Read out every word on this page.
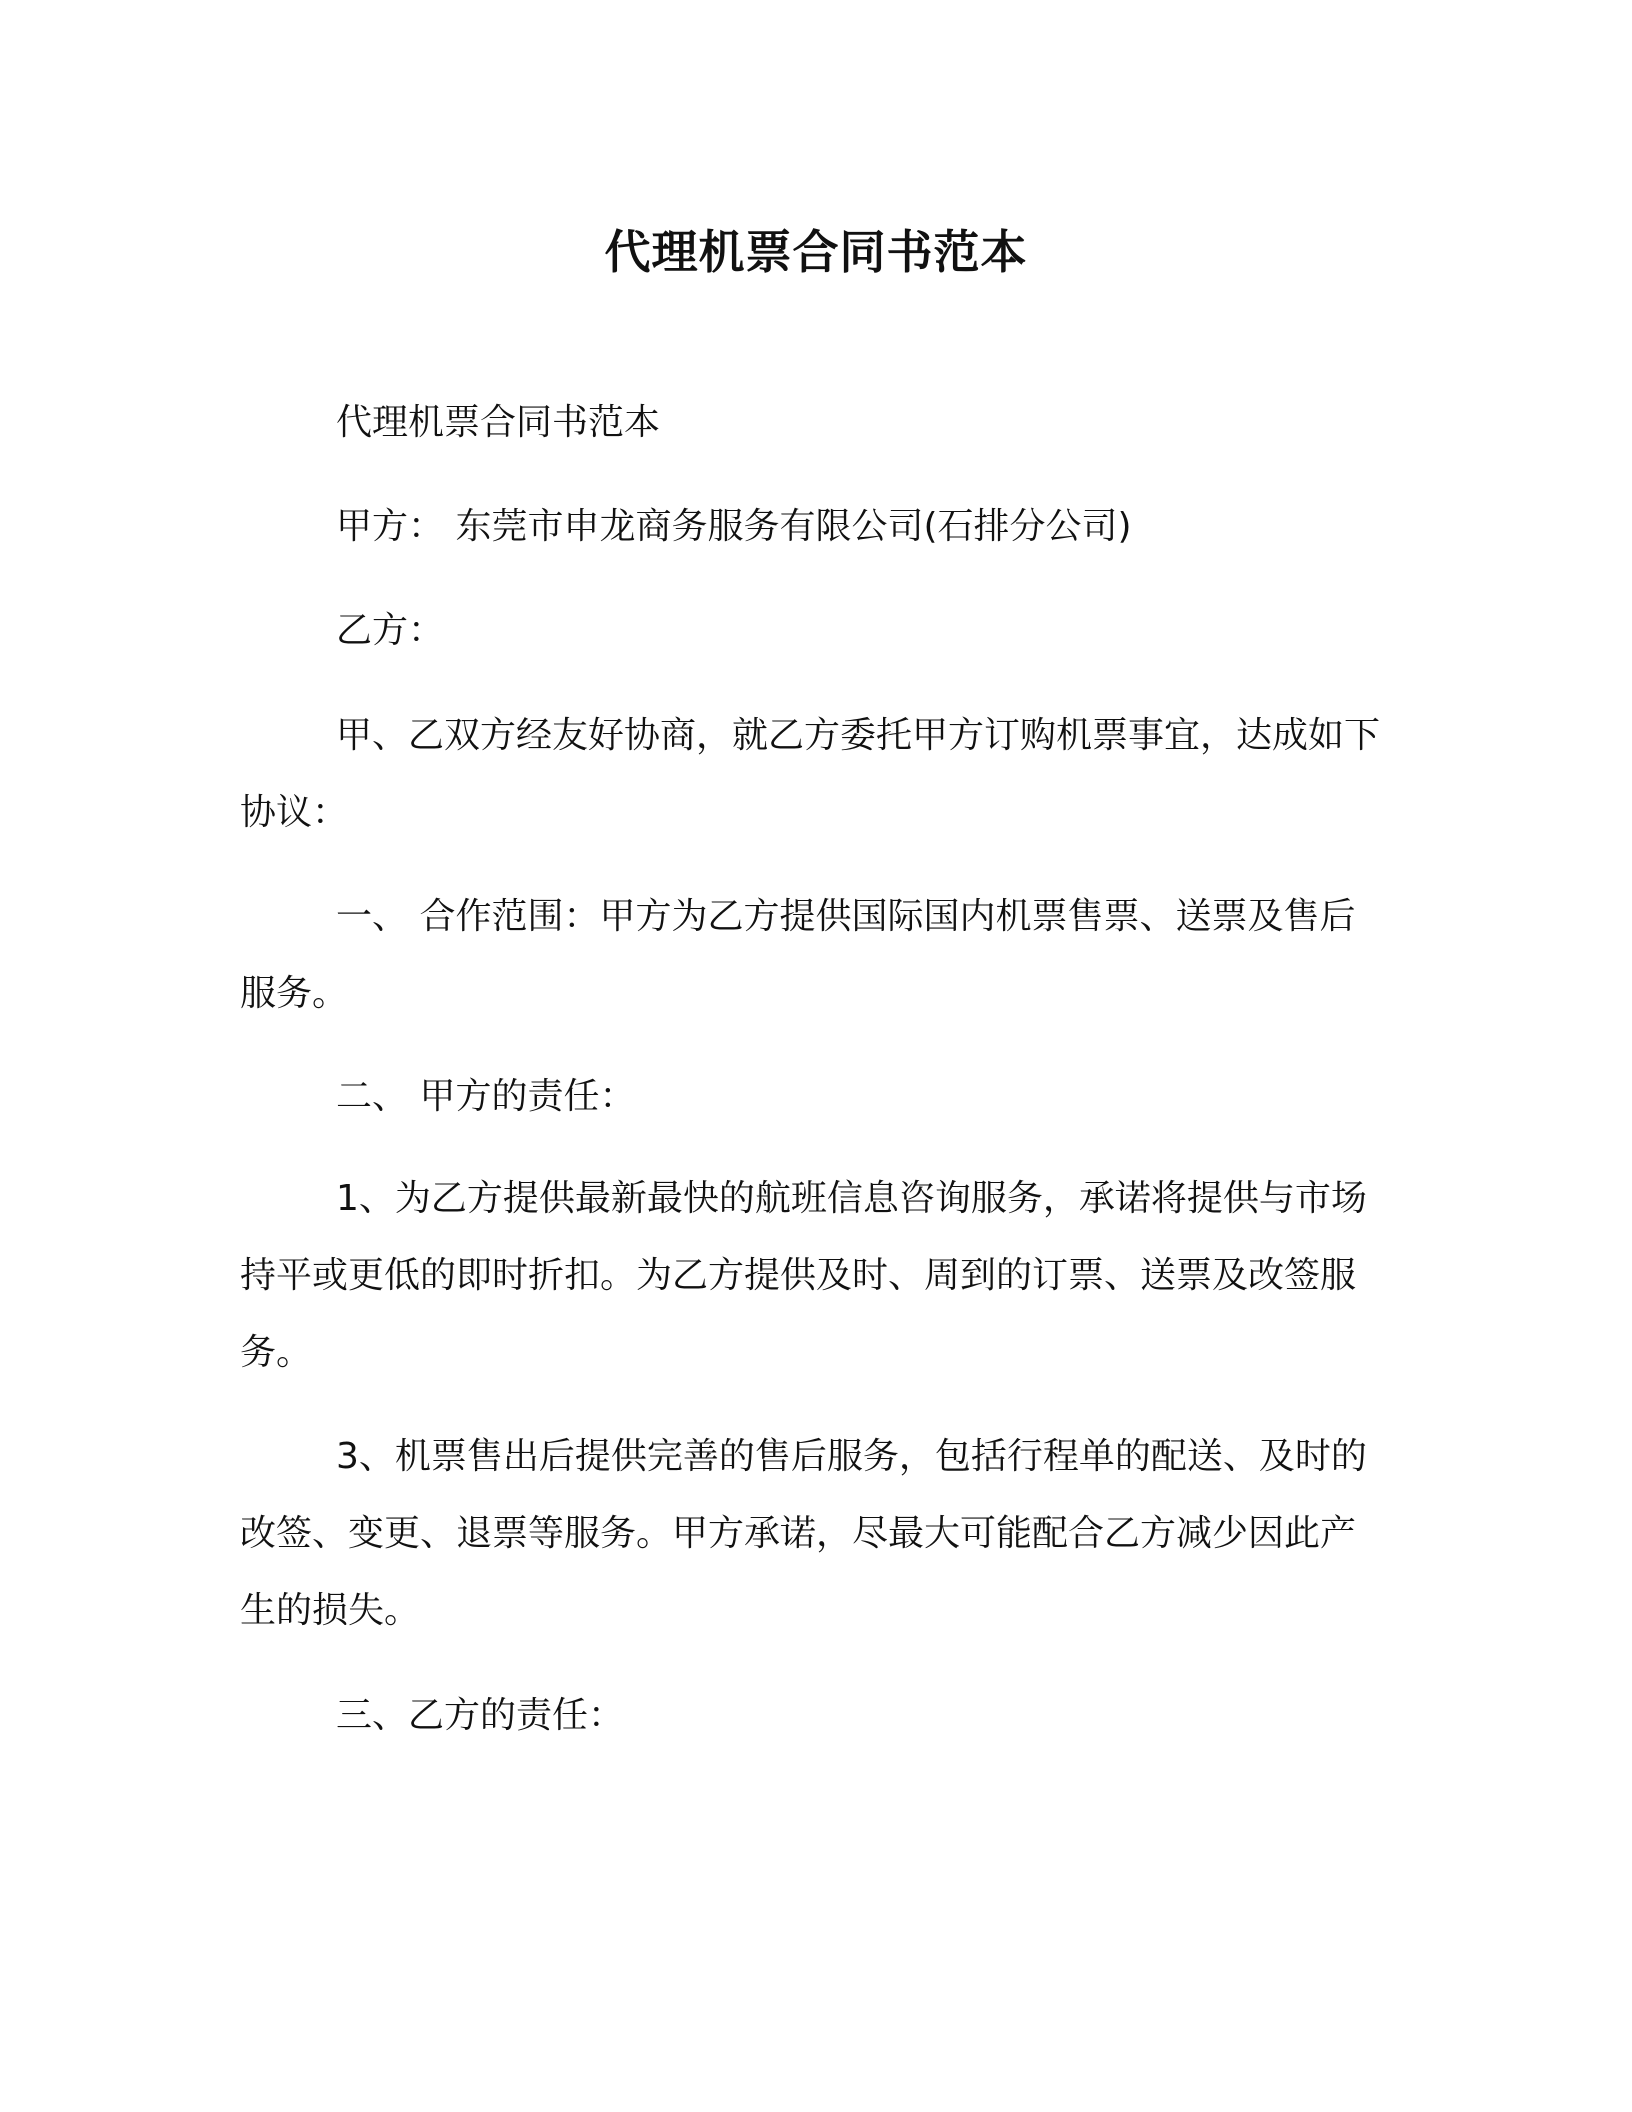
代理机票合同书范本

代理机票合同书范本

甲方： 东莞市申龙商务服务有限公司(石排分公司)

乙方：

甲、乙双方经友好协商，就乙方委托甲方订购机票事宜，达成如下协议：

一、 合作范围：甲方为乙方提供国际国内机票售票、送票及售后服务。

二、 甲方的责任：

1、为乙方提供最新最快的航班信息咨询服务，承诺将提供与市场持平或更低的即时折扣。为乙方提供及时、周到的订票、送票及改签服务。

3、机票售出后提供完善的售后服务，包括行程单的配送、及时的改签、变更、退票等服务。甲方承诺，尽最大可能配合乙方减少因此产生的损失。

三、乙方的责任：
